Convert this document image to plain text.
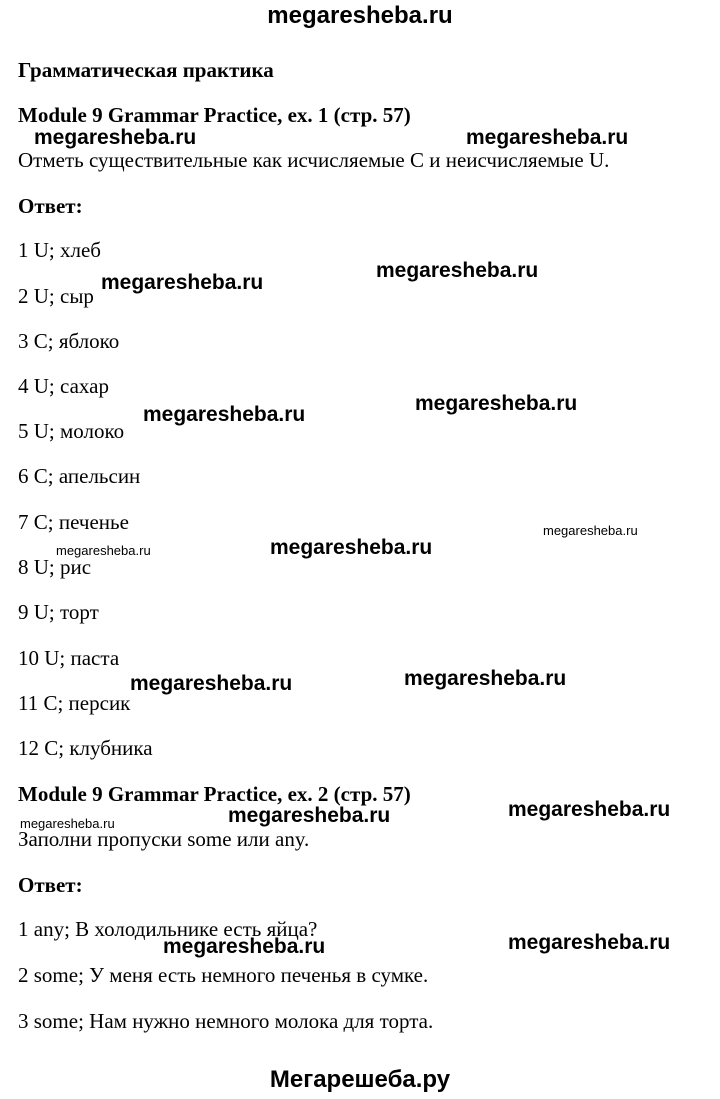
megaresheba.ru
Грамматическая практика
Module 9 Grammar Practice, ex. 1 (стр. 57)
Отметь существительные как исчисляемые C и неисчисляемые U.
Ответ:
1 U; хлеб
2 U; сыр
3 C; яблоко
4 U; сахар
5 U; молоко
6 C; апельсин
7 C; печенье
8 U; рис
9 U; торт
10 U; паста
11 C; персик
12 C; клубника
Module 9 Grammar Practice, ex. 2 (стр. 57)
Заполни пропуски some или any.
Ответ:
1 any; В холодильнике есть яйца?
2 some; У меня есть немного печенья в сумке.
3 some; Нам нужно немного молока для торта.
megaresheba.ru	megaresheba.ru
megaresheba.ru
megaresheba.ru
megaresheba.ru
megaresheba.ru
megaresheba.ru
megaresheba.ru
megaresheba.ru
megaresheba.ru
megaresheba.ru
megaresheba.ru
megaresheba.ru
megaresheba.ru
megaresheba.ru
megaresheba.ru
Мегарешеба.ру
